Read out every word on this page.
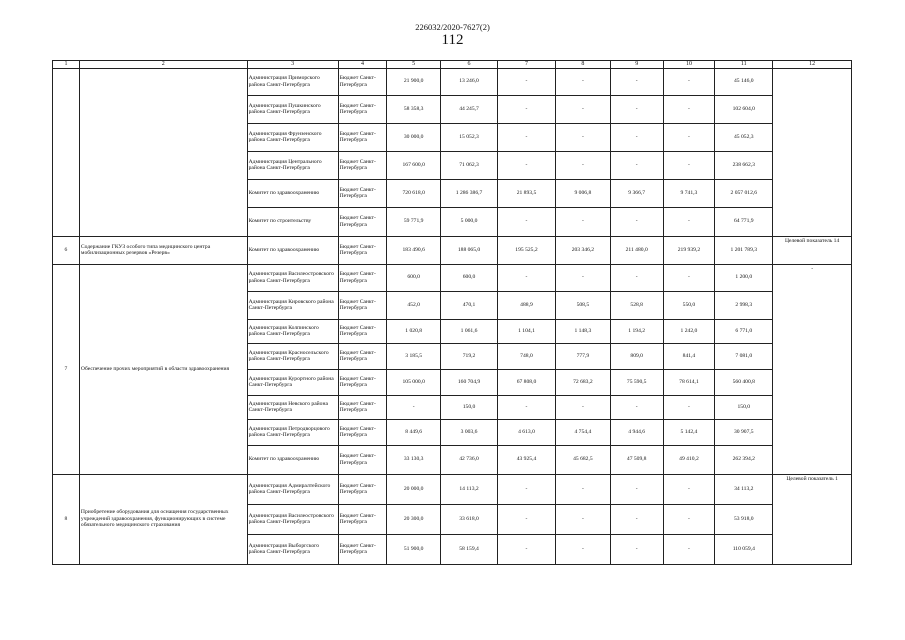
226032/2020-7627(2)
112
1	2	3	4	5	6	7	8	9	10	11	12
		Администрация Приморского района Санкт-Петербурга	Бюджет Санкт-Петербурга	21 900,0	13 246,0	-	-	-	-	45 146,0	
		Администрация Пушкинского района Санкт-Петербурга	Бюджет Санкт-Петербурга	58 358,3	44 245,7	-	-	-	-	102 604,0	
		Администрация Фрунзенского района Санкт-Петербурга	Бюджет Санкт-Петербурга	30 000,0	15 052,3	-	-	-	-	45 052,3	
		Администрация Центрального района Санкт-Петербурга	Бюджет Санкт-Петербурга	167 600,0	71 062,3	-	-	-	-	238 662,3	
		Комитет по здравоохранению	Бюджет Санкт-Петербурга	720 618,0	1 286 386,7	21 893,5	9 006,8	9 366,7	9 741,3	2 057 012,6	
		Комитет по строительству	Бюджет Санкт-Петербурга	59 771,9	5 000,0	-	-	-	-	64 771,9	
6	Содержание ГКУЗ особого типа медицинского центра мобилизационных резервов «Резерв»	Комитет по здравоохранению	Бюджет Санкт-Петербурга	183 490,6	188 065,0	195 525,2	203 346,2	211 480,0	219 939,2	1 201 789,3	Целевой показатель 14
7	Обеспечение прочих мероприятий в области здравоохранения	Администрация Василеостровского района Санкт-Петербурга	Бюджет Санкт-Петербурга	600,0	600,0	-	-	-	-	1 200,0	-
		Администрация Кировского района Санкт-Петербурга	Бюджет Санкт-Петербурга	452,0	470,1	488,9	508,5	528,8	550,0	2 998,3	
		Администрация Колпинского района Санкт-Петербурга	Бюджет Санкт-Петербурга	1 020,8	1 061,6	1 104,1	1 148,3	1 194,2	1 242,0	6 771,0	
		Администрация Красносельского района Санкт-Петербурга	Бюджет Санкт-Петербурга	3 185,5	719,2	748,0	777,9	809,0	841,4	7 081,0	
		Администрация Курортного района Санкт-Петербурга	Бюджет Санкт-Петербурга	105 000,0	160 704,9	67 808,0	72 683,2	75 590,5	78 614,1	560 400,8	
		Администрация Невского района Санкт-Петербурга	Бюджет Санкт-Петербурга	-	150,0	-	-	-	-	150,0	
		Администрация Петродворцового района Санкт-Петербурга	Бюджет Санкт-Петербурга	8 449,6	3 003,6	4 613,0	4 754,4	4 944,6	5 142,4	30 907,5	
		Комитет по здравоохранению	Бюджет Санкт-Петербурга	33 130,3	42 736,0	43 925,4	45 682,5	47 509,8	49 410,2	262 394,2	
8	Приобретение оборудования для оснащения государственных учреждений здравоохранения, функционирующих в системе обязательного медицинского страхования	Администрация Адмиралтейского района Санкт-Петербурга	Бюджет Санкт-Петербурга	20 000,0	14 113,2	-	-	-	-	34 113,2	Целевой показатель 1
		Администрация Василеостровского района Санкт-Петербурга	Бюджет Санкт-Петербурга	20 300,0	33 618,0	-	-	-	-	53 918,0	
		Администрация Выборгского района Санкт-Петербурга	Бюджет Санкт-Петербурга	51 900,0	58 159,4	-	-	-	-	110 059,4	
